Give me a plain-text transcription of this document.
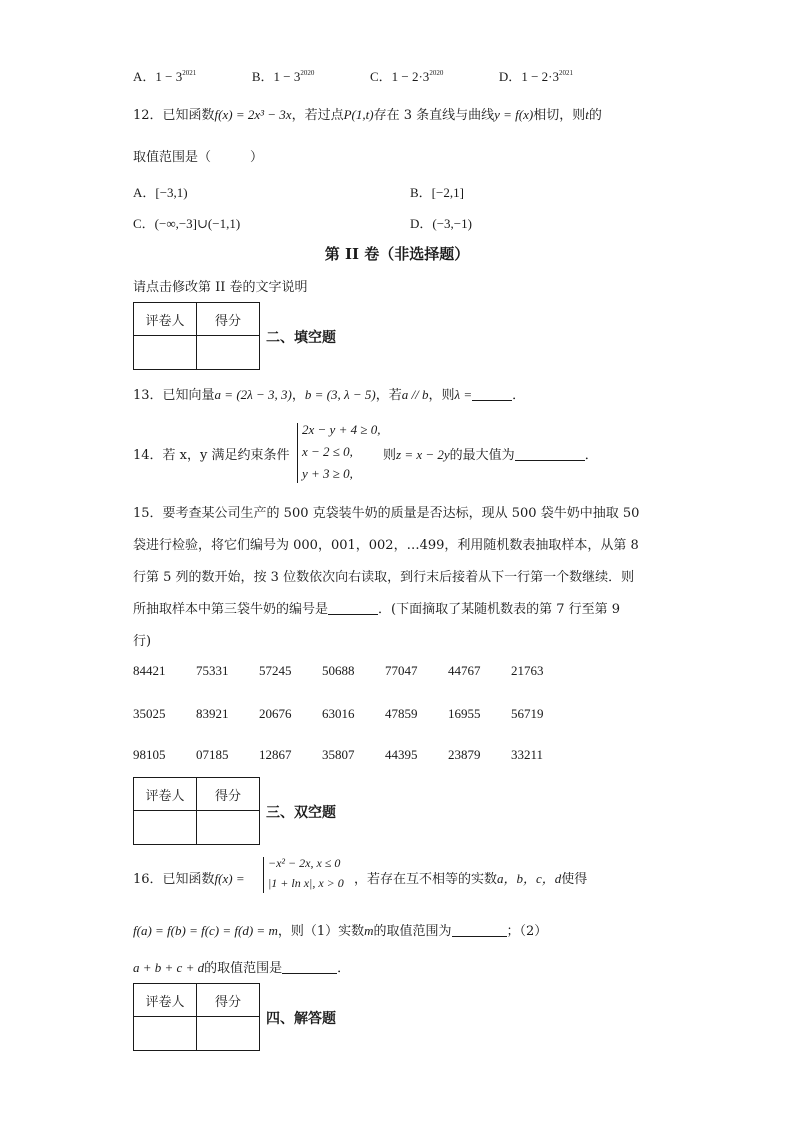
A．$1 - 3^{2021}$	B．$1 - 3^{2020}$	C．$1 - 2\cdot 3^{2020}$	D．$1 - 2\cdot 3^{2021}$
12．已知函数f(x) = 2x³ − 3x，若过点P(1,t)存在 3 条直线与曲线y = f(x)相切，则t的
取值范围是（　　　）
A．[−3,1)	B．[−2,1]
C．(−∞,−3]∪(−1,1)	D．(−3,−1)
第 II 卷（非选择题）
请点击修改第 II 卷的文字说明
评卷人	得分

二、填空题
13．已知向量a = (2λ − 3, 3)，b = (3, λ − 5)，若a // b，则λ =	．
14．若 x，y 满足约束条件
2x − y + 4 ≥ 0,
x − 2 ≤ 0,
y + 3 ≥ 0,
则z = x − 2y的最大值为	．
15．要考查某公司生产的 500 克袋装牛奶的质量是否达标，现从 500 袋牛奶中抽取 50
袋进行检验，将它们编号为 000，001，002，…499，利用随机数表抽取样本，从第 8
行第 5 列的数开始，按 3 位数依次向右读取，到行末后接着从下一行第一个数继续．则
所抽取样本中第三袋牛奶的编号是	．(下面摘取了某随机数表的第 7 行至第 9
行)
84421 75331 57245 50688 77047 44767 21763
35025 83921 20676 63016 47859 16955 56719
98105 07185 12867 35807 44395 23879 33211
评卷人	得分

三、双空题
16．已知函数f(x) =
−x² − 2x, x ≤ 0
|1 + ln x|, x > 0 ，若存在互不相等的实数a，b，c，d使得
f(a) = f(b) = f(c) = f(d) = m，则（1）实数m的取值范围为	；（2）
a + b + c + d的取值范围是	．
评卷人	得分

四、解答题
